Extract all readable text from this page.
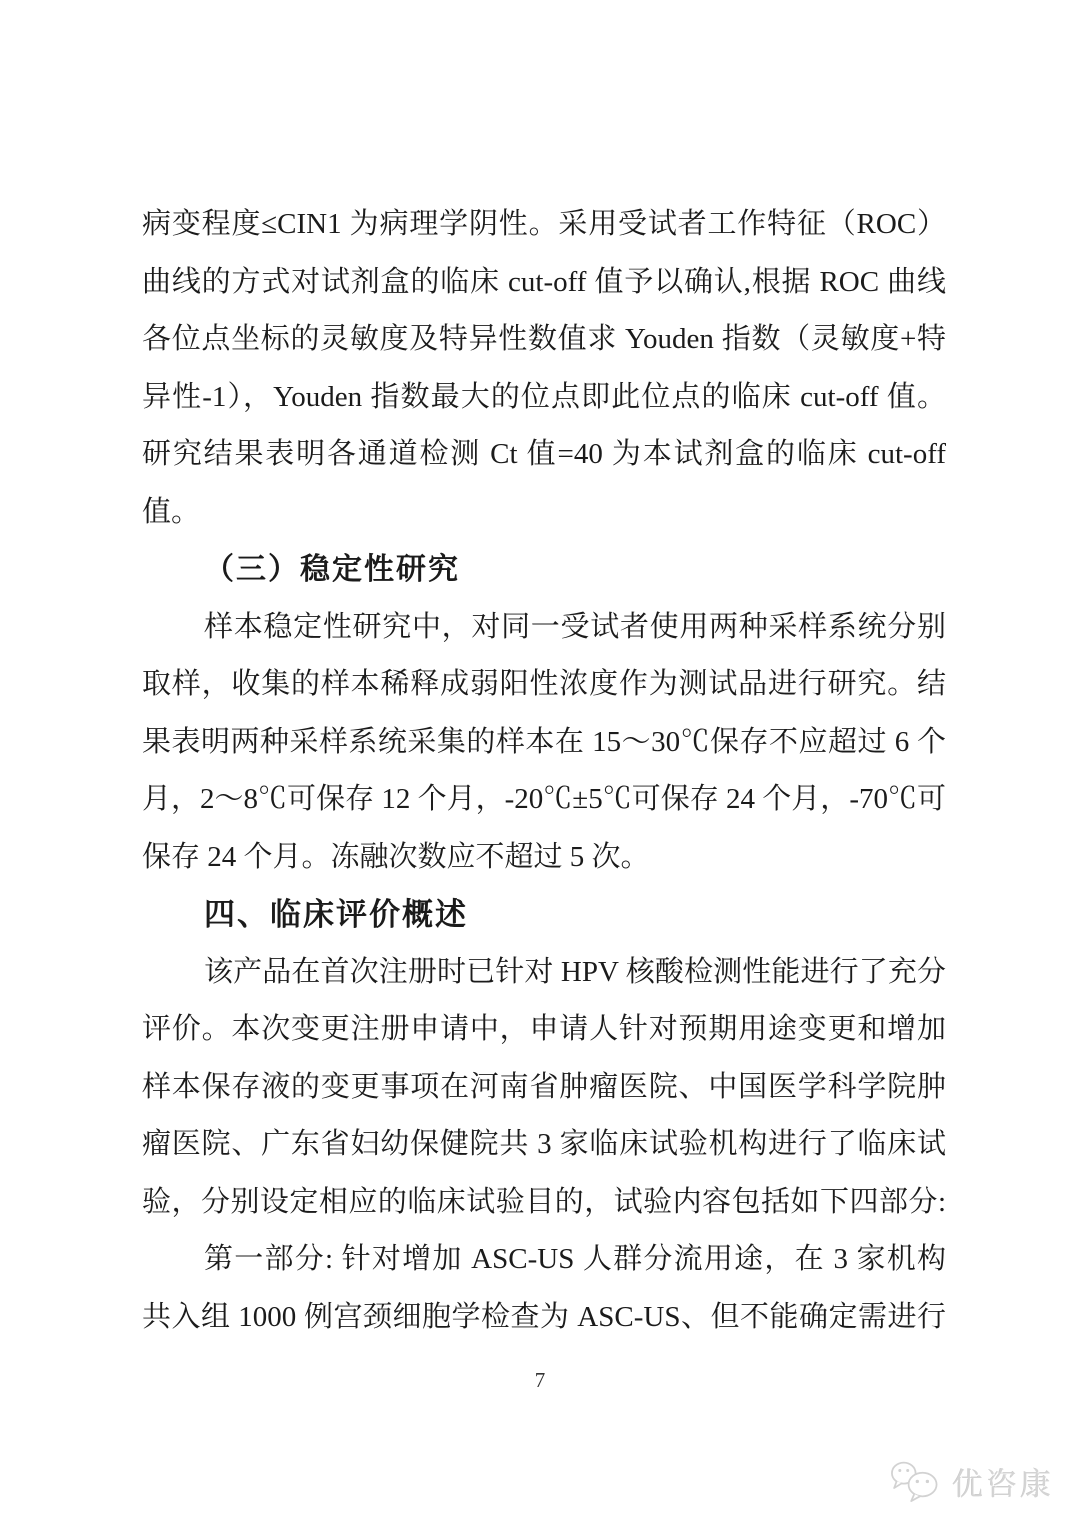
病变程度≤CIN1 为病理学阴性。采用受试者工作特征（ROC）
曲线的方式对试剂盒的临床 cut-off 值予以确认,根据 ROC 曲线
各位点坐标的灵敏度及特异性数值求 Youden 指数（灵敏度+特
异性-1），Youden 指数最大的位点即此位点的临床 cut-off 值。
研究结果表明各通道检测 Ct 值=40 为本试剂盒的临床 cut-off
值。
（三）稳定性研究
样本稳定性研究中，对同一受试者使用两种采样系统分别
取样，收集的样本稀释成弱阳性浓度作为测试品进行研究。结
果表明两种采样系统采集的样本在 15～30℃保存不应超过 6 个
月，2～8℃可保存 12 个月，-20℃±5℃可保存 24 个月，-70℃可
保存 24 个月。冻融次数应不超过 5 次。
四、临床评价概述
该产品在首次注册时已针对 HPV 核酸检测性能进行了充分
评价。本次变更注册申请中，申请人针对预期用途变更和增加
样本保存液的变更事项在河南省肿瘤医院、中国医学科学院肿
瘤医院、广东省妇幼保健院共 3 家临床试验机构进行了临床试
验，分别设定相应的临床试验目的，试验内容包括如下四部分:
第一部分: 针对增加 ASC-US 人群分流用途，在 3 家机构
共入组 1000 例宫颈细胞学检查为 ASC-US、但不能确定需进行
7
优咨康
